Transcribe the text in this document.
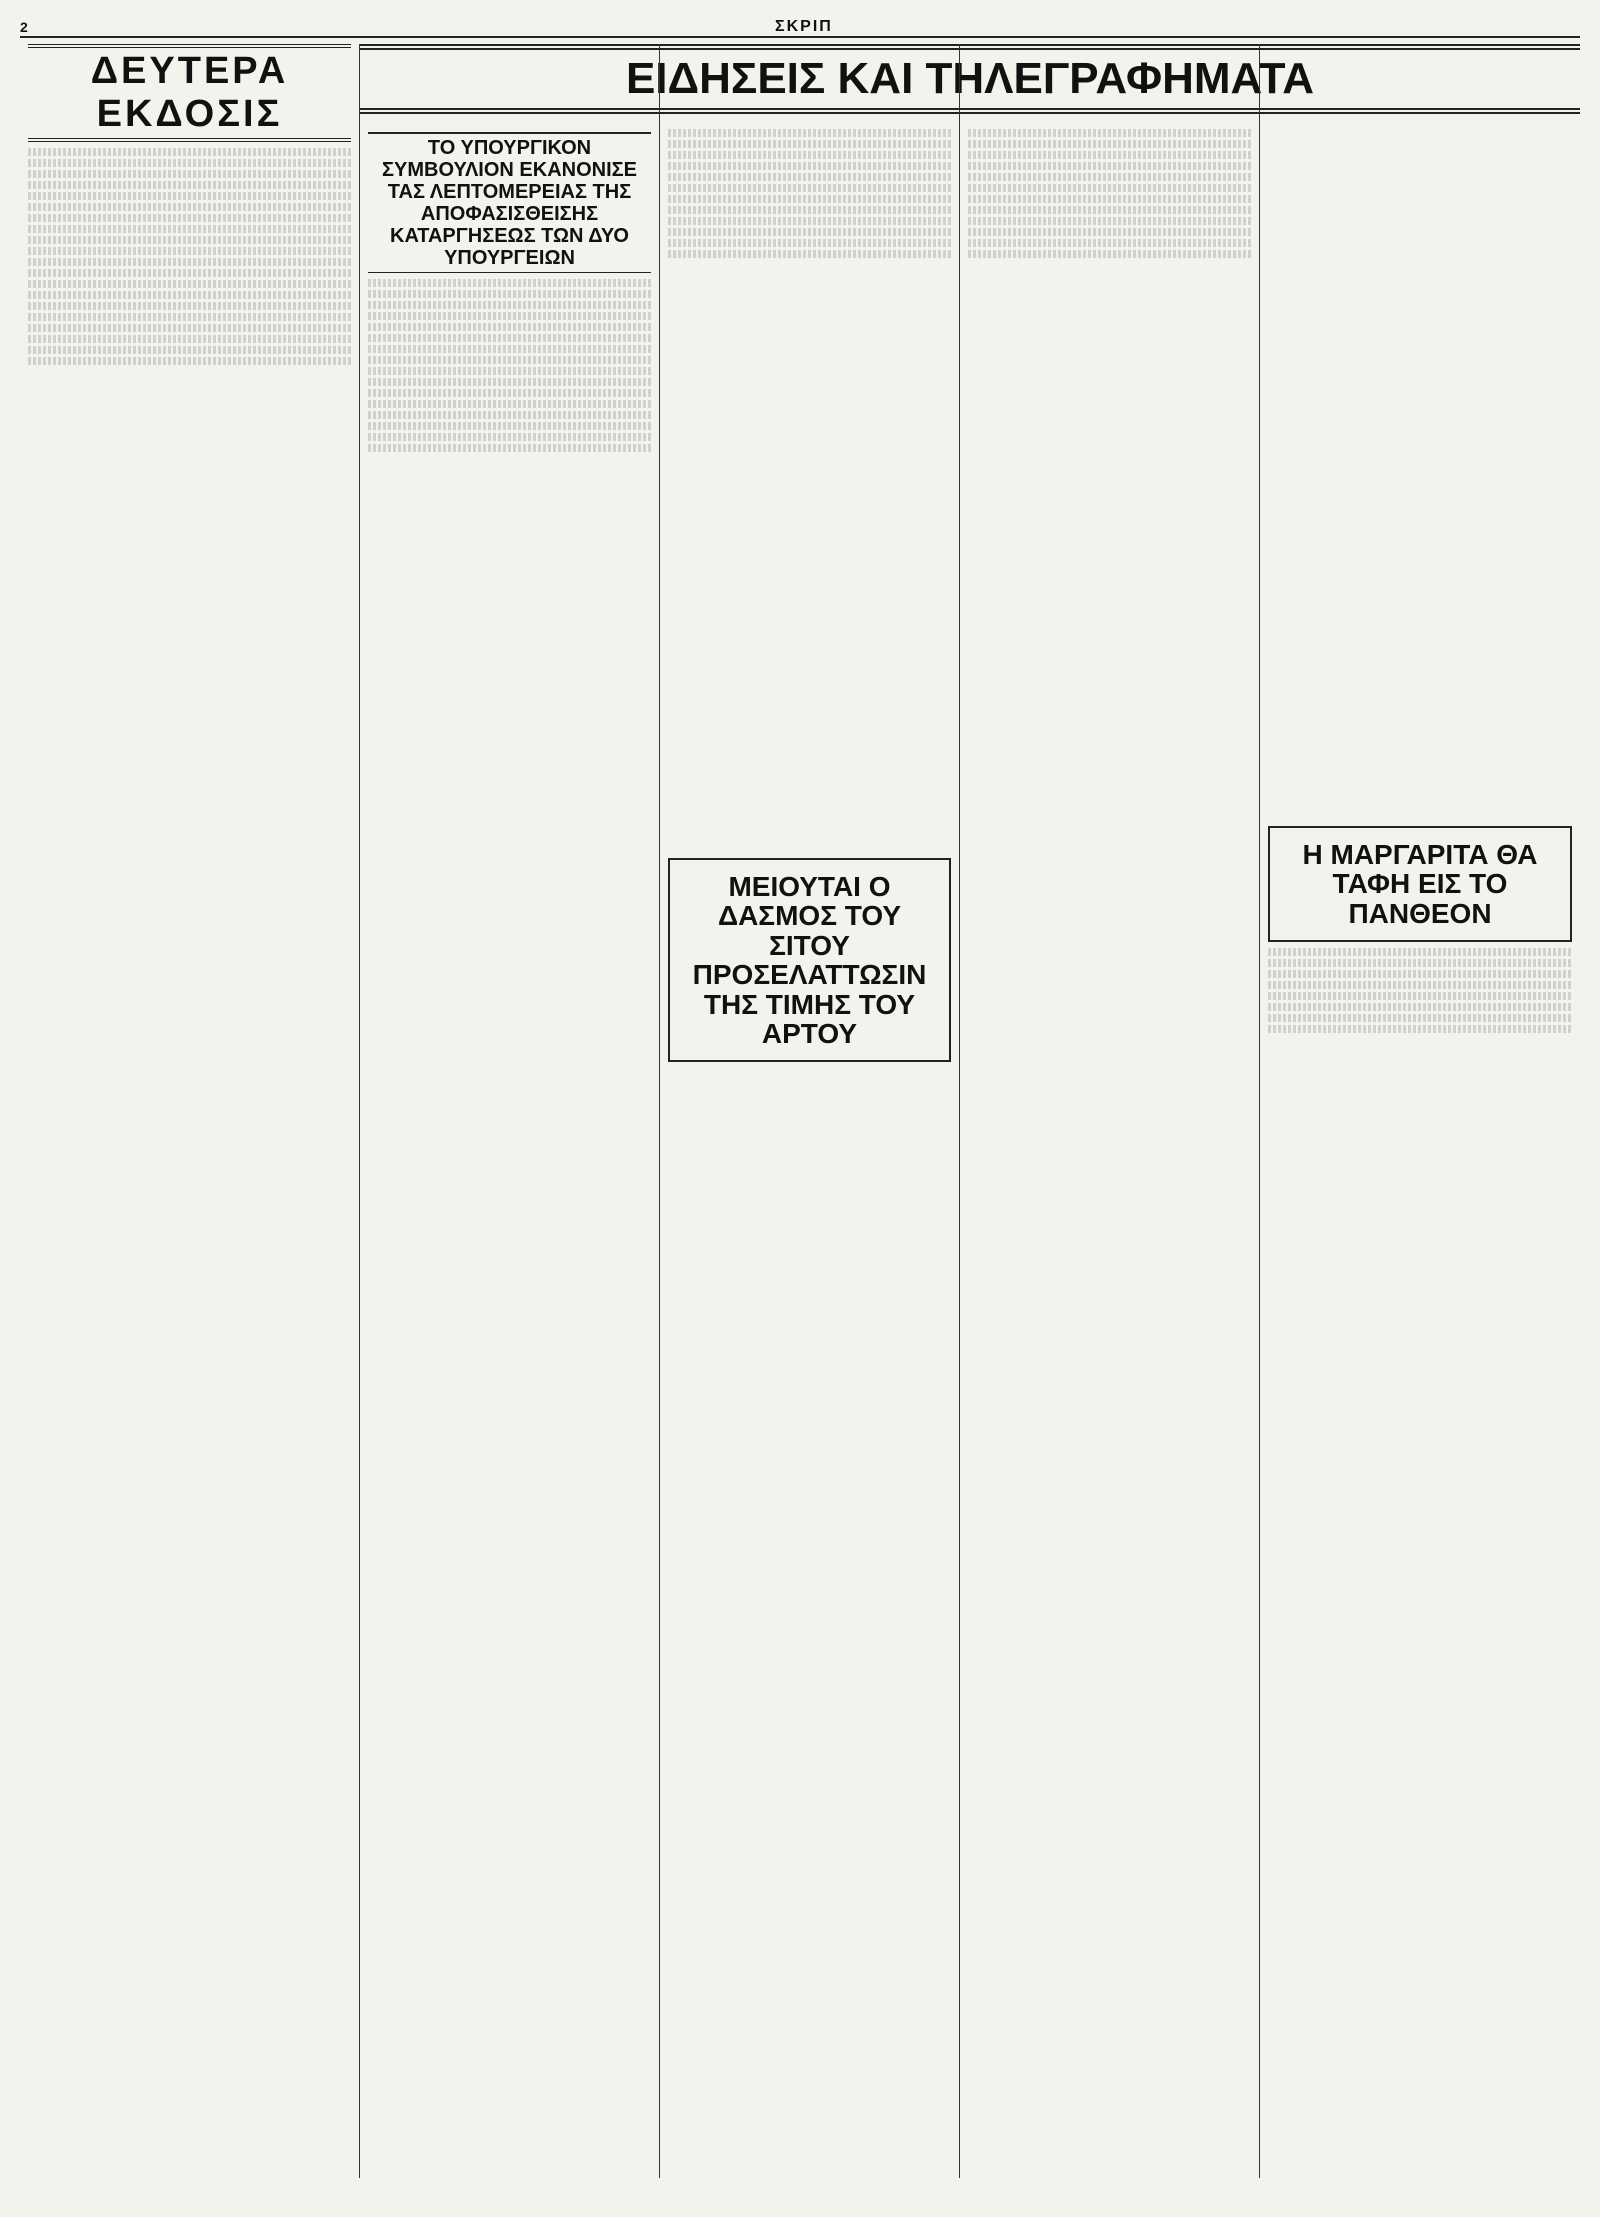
2	ΣΚΡΙΠ
ΕΙΔΗΣΕΙΣ ΚΑΙ ΤΗΛΕΓΡΑΦΗΜΑΤΑ
ΔΕΥΤΕΡΑ ΕΚΔΟΣΙΣ
ΤΟ ΥΠΟΥΡΓΙΚΟΝ ΣΥΜΒΟΥΛΙΟΝ ΕΚΑΝΟΝΙΣΕ ΤΑΣ ΛΕΠΤΟΜΕΡΕΙΑΣ ΤΗΣ ΑΠΟΦΑΣΙΣΘΕΙΣΗΣ ΚΑΤΑΡΓΗΣΕΩΣ ΤΩΝ ΔΥΟ ΥΠΟΥΡΓΕΙΩΝ
ΜΕΙΟΥΤΑΙ Ο ΔΑΣΜΟΣ ΤΟΥ ΣΙΤΟΥ ΠΡΟΣΕΛΑΤΤΩΣΙΝ ΤΗΣ ΤΙΜΗΣ ΤΟΥ ΑΡΤΟΥ
Η ΜΑΡΓΑΡΙΤΑ ΘΑ ΤΑΦΗ ΕΙΣ ΤΟ ΠΑΝΘΕΟΝ
